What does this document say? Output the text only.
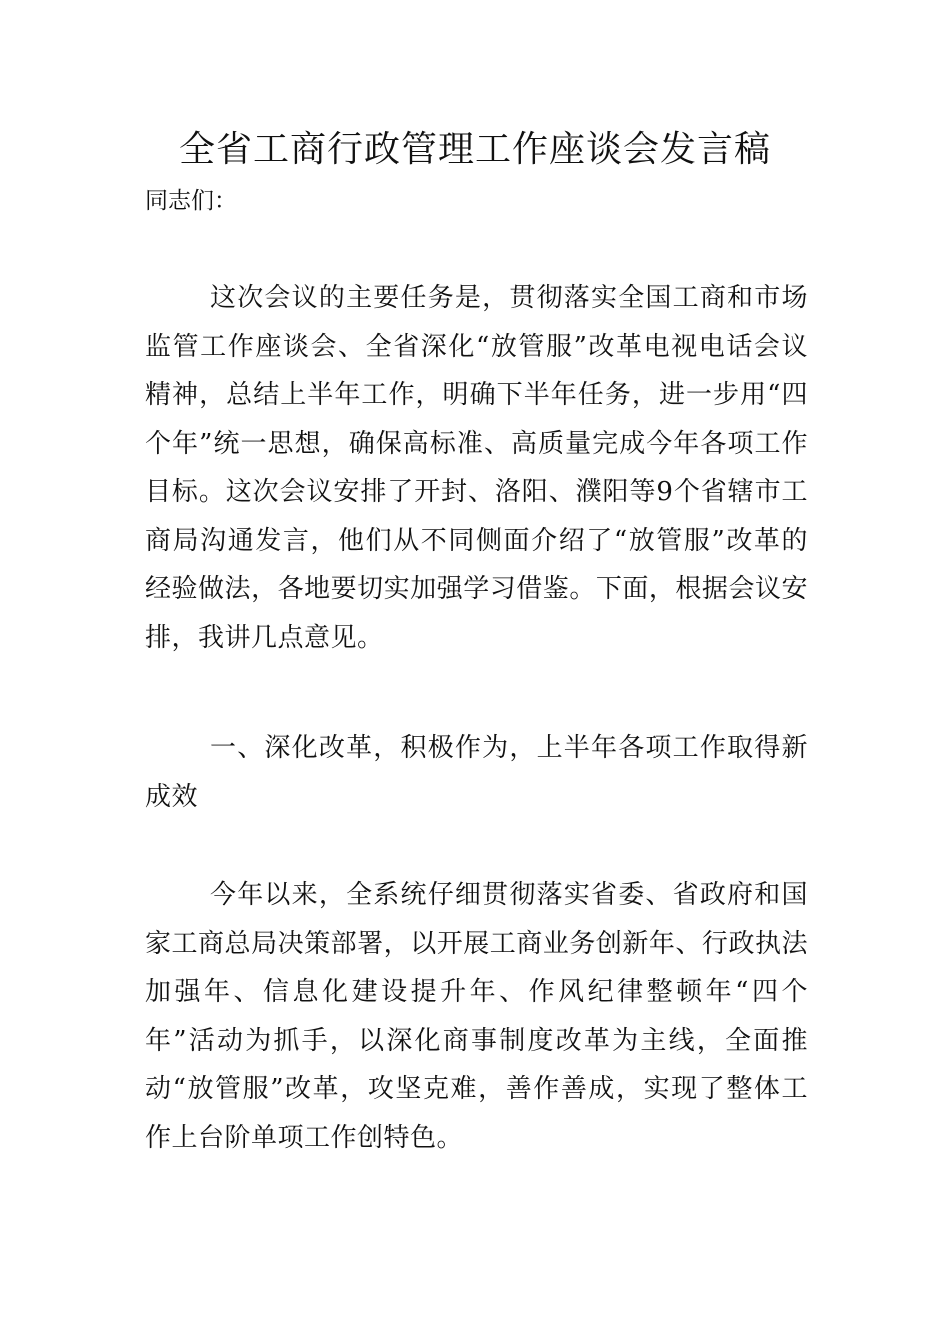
全省工商行政管理工作座谈会发言稿

同志们：

这次会议的主要任务是，贯彻落实全国工商和市场监管工作座谈会、全省深化“放管服”改革电视电话会议精神，总结上半年工作，明确下半年任务，进一步用“四个年”统一思想，确保高标准、高质量完成今年各项工作目标。这次会议安排了开封、洛阳、濮阳等9个省辖市工商局沟通发言，他们从不同侧面介绍了“放管服”改革的经验做法，各地要切实加强学习借鉴。下面，根据会议安排，我讲几点意见。

一、深化改革，积极作为，上半年各项工作取得新成效

今年以来，全系统仔细贯彻落实省委、省政府和国家工商总局决策部署，以开展工商业务创新年、行政执法加强年、信息化建设提升年、作风纪律整顿年“四个年”活动为抓手，以深化商事制度改革为主线，全面推动“放管服”改革，攻坚克难，善作善成，实现了整体工作上台阶单项工作创特色。
